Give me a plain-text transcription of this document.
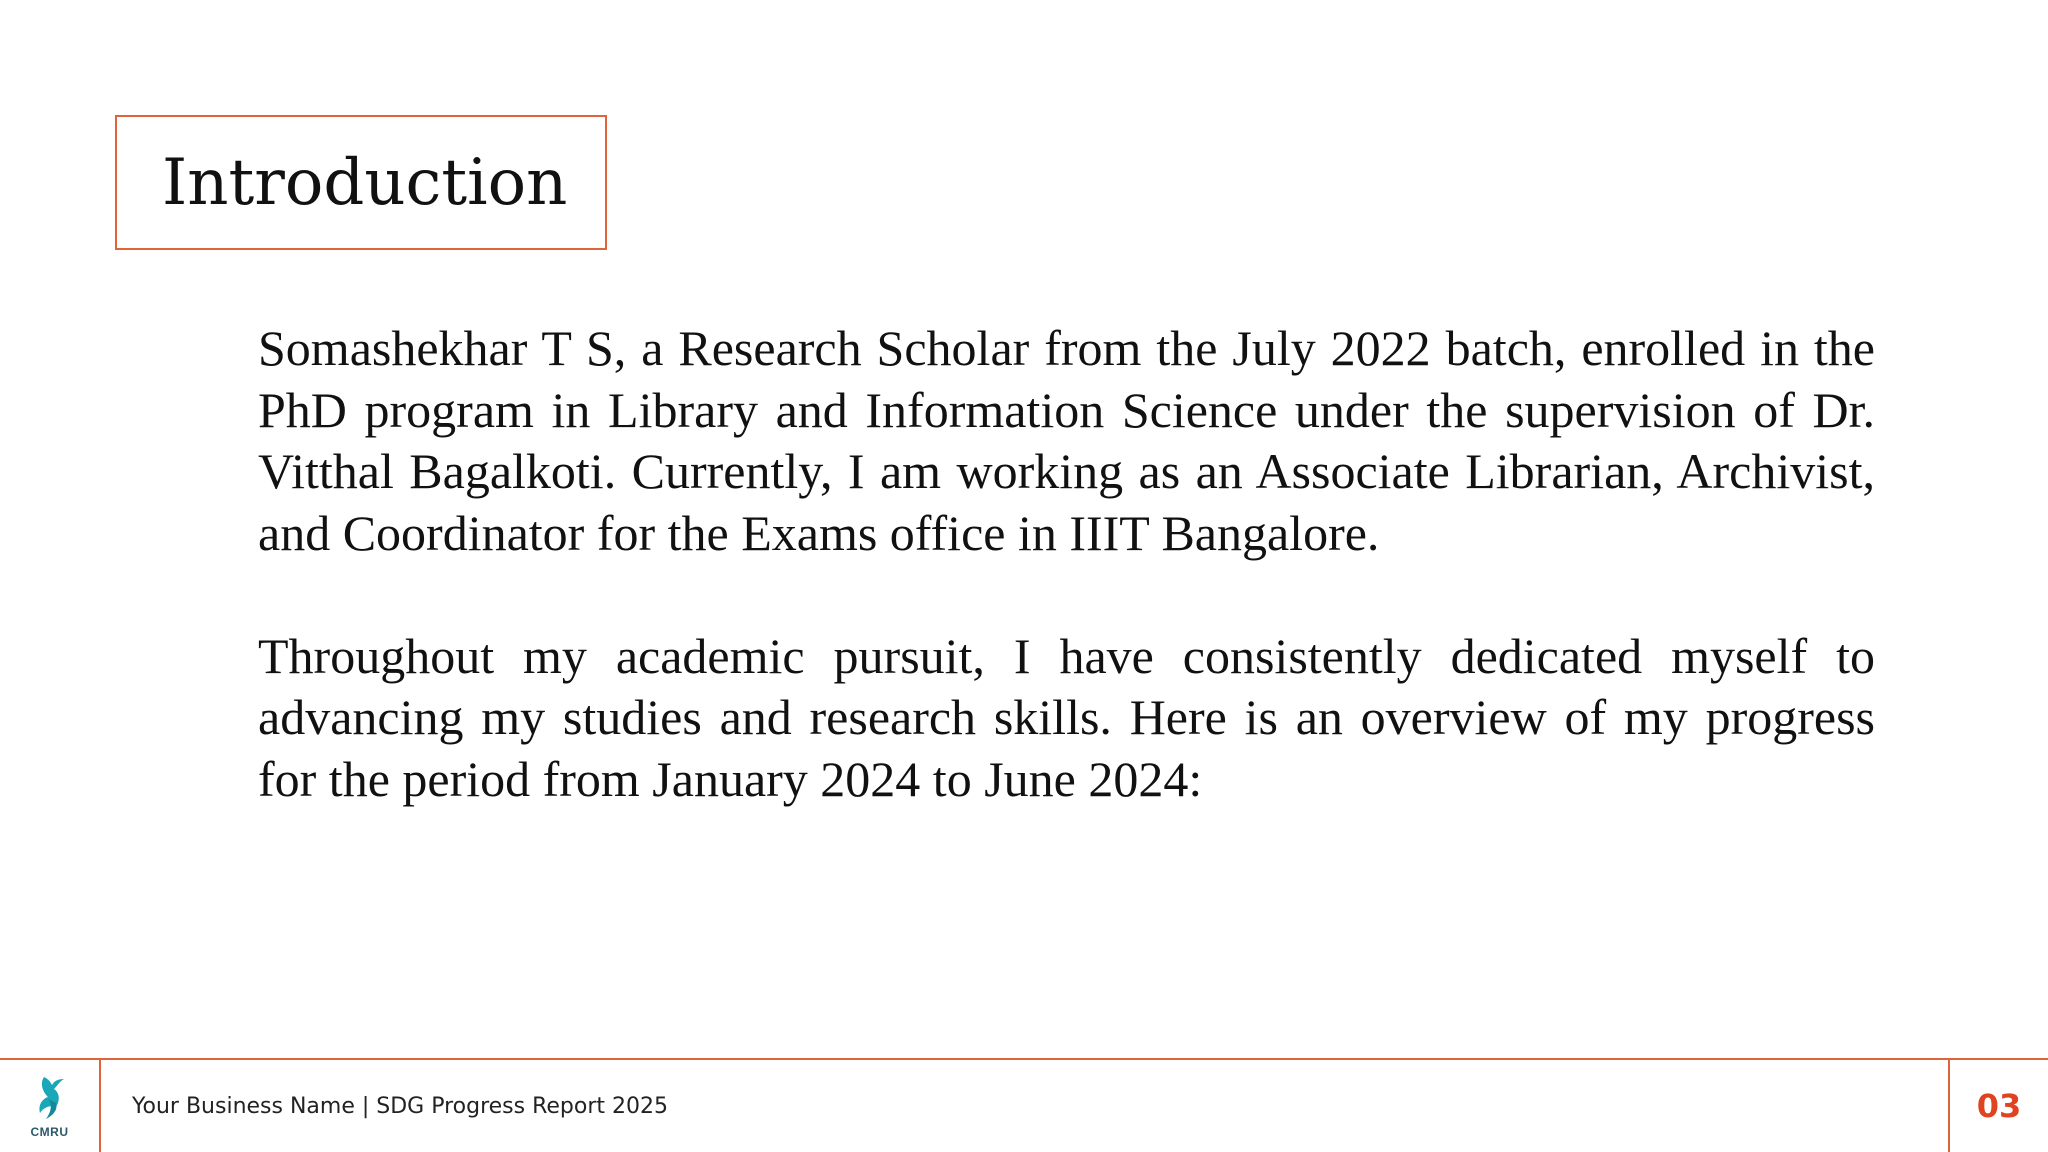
Introduction

Somashekhar T S, a Research Scholar from the July 2022 batch, enrolled in the PhD program in Library and Information Science under the supervision of Dr. Vitthal Bagalkoti. Currently, I am working as an Associate Librarian, Archivist, and Coordinator for the Exams office in IIIT Bangalore.

Throughout my academic pursuit, I have consistently dedicated myself to advancing my studies and research skills. Here is an overview of my progress for the period from January 2024 to June 2024:

CMRU
Your Business Name | SDG Progress Report 2025	03
